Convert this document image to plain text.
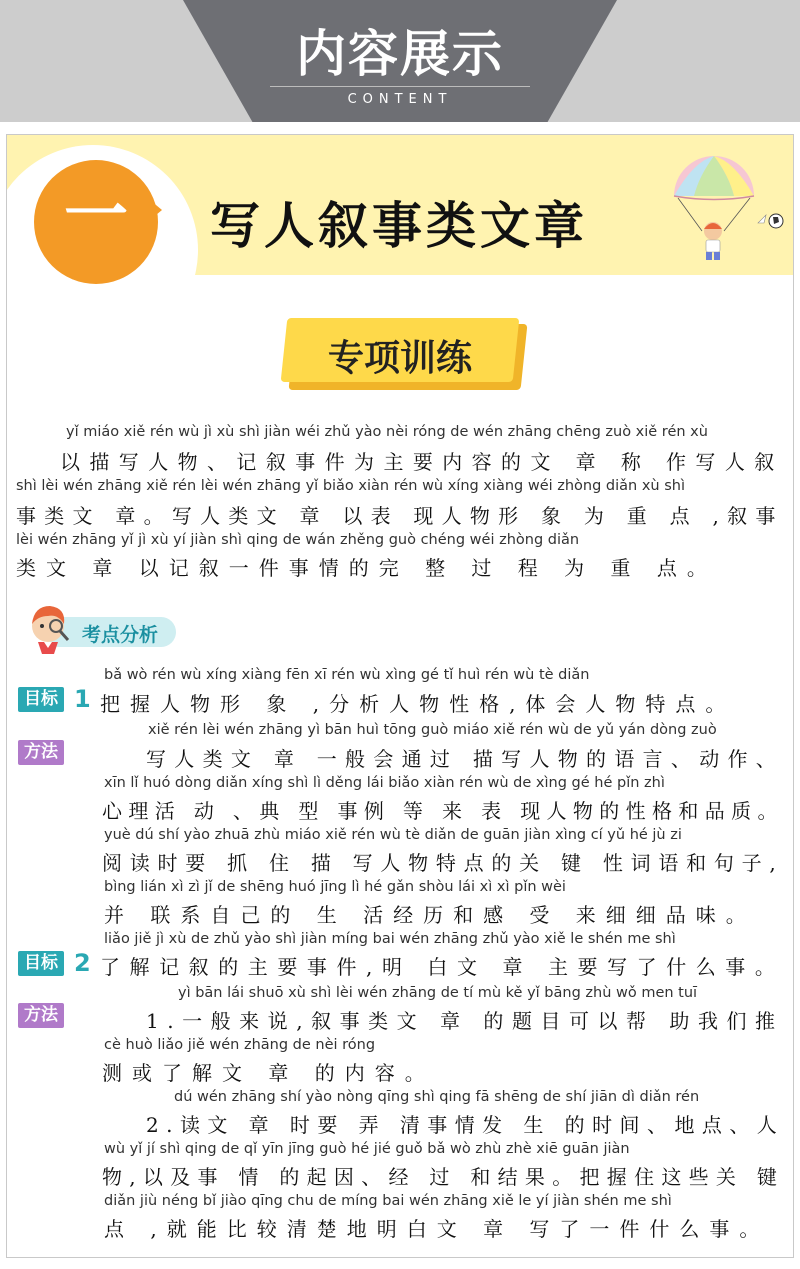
内容展示
CONTENT
一	写人叙事类文章
专项训练
yǐ miáo xiě rén wù jì xù shì jiàn wéi zhǔ yào nèi róng de wén zhāng chēng zuò xiě rén xù
以描写人物、记叙事件为主要内容的文 章 称 作写人叙
shì lèi wén zhāng xiě rén lèi wén zhāng yǐ biǎo xiàn rén wù xíng xiàng wéi zhòng diǎn xù shì
事类文 章。写人类文 章 以表 现人物形 象 为 重 点 ,叙事
lèi wén zhāng yǐ jì xù yí jiàn shì qing de wán zhěng guò chéng wéi zhòng diǎn
类文 章 以记叙一件事情的完 整 过 程 为 重 点。
考点分析
bǎ wò rén wù xíng xiàng fēn xī rén wù xìng gé tǐ huì rén wù tè diǎn
目标 1 把握人物形 象 ,分析人物性格,体会人物特点。
方法
xiě rén lèi wén zhāng yì bān huì tōng guò miáo xiě rén wù de yǔ yán dòng zuò
写人类文 章 一般会通过 描写人物的语言、动作、
xīn lǐ huó dòng diǎn xíng shì lì děng lái biǎo xiàn rén wù de xìng gé hé pǐn zhì
心理活 动 、典 型 事例 等 来 表 现人物的性格和品质。
yuè dú shí yào zhuā zhù miáo xiě rén wù tè diǎn de guān jiàn xìng cí yǔ hé jù zi
阅读时要 抓 住 描 写人物特点的关 键 性词语和句子,
bìng lián xì zì jǐ de shēng huó jīng lì hé gǎn shòu lái xì xì pǐn wèi
并 联系自己的 生 活经历和感 受 来细细品味。
liǎo jiě jì xù de zhǔ yào shì jiàn míng bai wén zhāng zhǔ yào xiě le shén me shì
目标 2 了解记叙的主要事件,明 白文 章 主要写了什么事。
方法
yì bān lái shuō xù shì lèi wén zhāng de tí mù kě yǐ bāng zhù wǒ men tuī
1.一般来说,叙事类文 章 的题目可以帮 助我们推
cè huò liǎo jiě wén zhāng de nèi róng
测或了解文 章 的内容。
dú wén zhāng shí yào nòng qīng shì qing fā shēng de shí jiān dì diǎn rén
2.读文 章 时要 弄 清事情发 生 的时间、地点、人
wù yǐ jí shì qing de qǐ yīn jīng guò hé jié guǒ bǎ wò zhù zhè xiē guān jiàn
物,以及事 情 的起因、经 过 和结果。把握住这些关 键
diǎn jiù néng bǐ jiào qīng chu de míng bai wén zhāng xiě le yí jiàn shén me shì
点 ,就能比较清楚地明白文 章 写了一件什么事。
